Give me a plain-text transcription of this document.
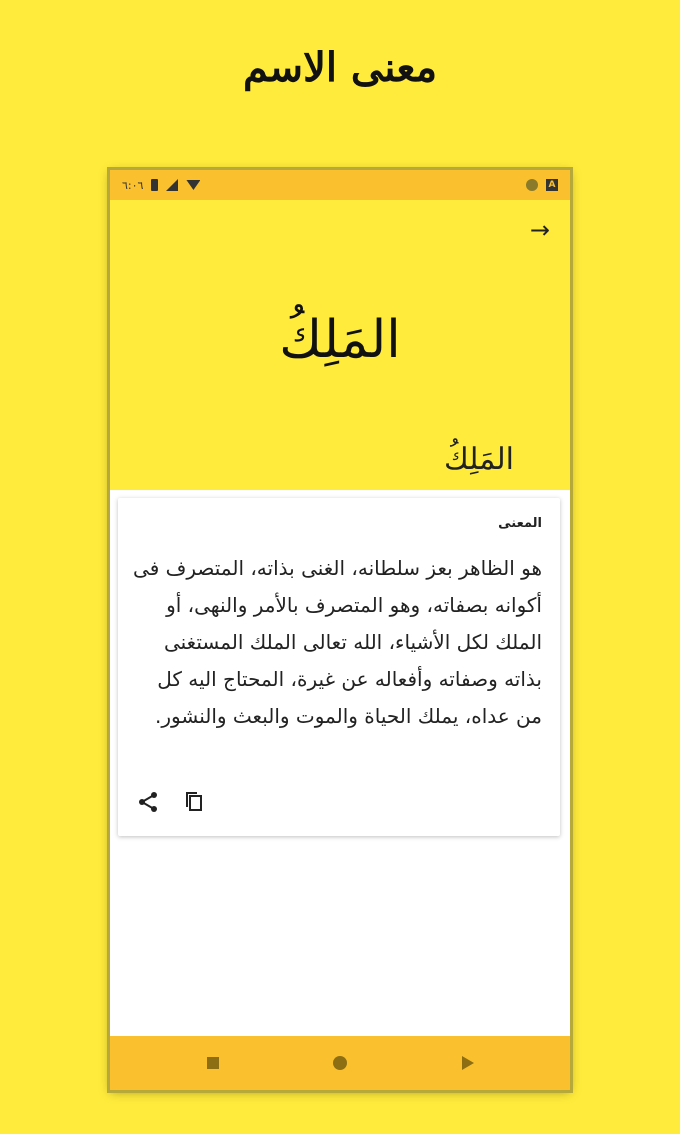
معنى الاسم
٦:٠٦	A
→
المَلِكُ
المَلِكُ
المعنى
هو الظاهر بعز سلطانه، الغنى بذاته، المتصرف فى أكوانه بصفاته، وهو المتصرف بالأمر والنهى، أو الملك لكل الأشياء، الله تعالى الملك المستغنى بذاته وصفاته وأفعاله عن غيرة، المحتاج اليه كل من عداه، يملك الحياة والموت والبعث والنشور.
